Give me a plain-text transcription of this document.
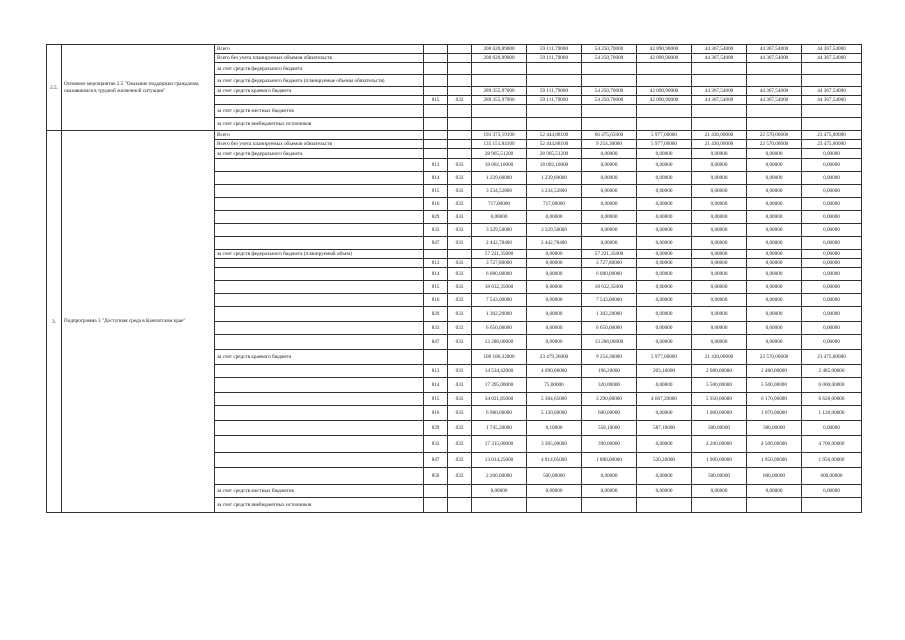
2.5.	Основное мероприятие 2.5 "Оказание поддержки гражданам, оказавшимся в трудной жизненной ситуации"	Всего			200 620,89000	59 111,79000	54 250,70000	42 890,90000	44 367,54000	44 367,54000	44 367,54000
		Всего без учета планируемых объемов обязательств			200 620,89000	59 111,79000	54 250,70000	42 890,90000	44 367,54000	44 367,54000	44 367,54000
		за счет средств федерального бюджета									
		за счет средств федерального бюджета (планируемые объемы обязательств)									
		за счет средств краевого бюджета			289 355,97000	59 111,79000	54 250,70000	42 890,90000	44 367,54000	44 367,54000	44 367,54000
			815	032	289 355,97000	59 111,79000	54 250,70000	42 890,90000	44 367,54000	44 367,54000	44 367,54000
		за счет средств местных бюджетов									
		за счет средств внебюджетных источников									
3.	Подпрограмма 3 "Доступная среда в Камчатском крае"	Всего			193 373,19100	52 444,88100	66 475,65000	5 977,60000	21 430,00000	22 570,00000	23 475,00000
		Всего без учета планируемых объемов обязательств			135 151,84100	52 444,88100	9 254,30000	5 977,60000	21 430,00000	22 570,00000	23 475,00000
		за счет средств федерального бюджета			28 965,51200	28 965,51200	0,00000	0,00000	0,00000	0,00000	0,00000
			813	033	18 002,10000	18 002,10000	0,00000	0,00000	0,00000	0,00000	0,00000
			814	033	1 239,60000	1 239,60000	0,00000	0,00000	0,00000	0,00000	0,00000
			815	033	3 234,52800	3 234,52800	0,00000	0,00000	0,00000	0,00000	0,00000
			816	033	717,00000	717,00000	0,00000	0,00000	0,00000	0,00000	0,00000
			829	033	0,00000	0,00000	0,00000	0,00000	0,00000	0,00000	0,00000
			833	033	3 329,50000	3 329,50000	0,00000	0,00000	0,00000	0,00000	0,00000
			847	033	2 442,78400	2 442,78400	0,00000	0,00000	0,00000	0,00000	0,00000
		за счет средств федерального бюджета (планируемый объем)			57 221,35000	0,00000	57 221,35000	0,00000	0,00000	0,00000	0,00000
			813	033	3 727,80000	0,00000	3 727,80000	0,00000	0,00000	0,00000	0,00000
			814	033	6 080,00000	0,00000	6 080,00000	0,00000	0,00000	0,00000	0,00000
			815	033	18 632,35000	0,00000	18 632,35000	0,00000	0,00000	0,00000	0,00000
			816	033	7 543,00000	0,00000	7 543,00000	0,00000	0,00000	0,00000	0,00000
			829	033	1 302,20000	0,00000	1 302,20000	0,00000	0,00000	0,00000	0,00000
			833	033	6 650,00000	0,00000	6 650,00000	0,00000	0,00000	0,00000	0,00000
			847	033	13 286,00000	0,00000	13 286,00000	0,00000	0,00000	0,00000	0,00000
		за счет средств краевого бюджета			106 186,32000	23 479,36000	9 254,30000	5 977,60000	21 430,00000	22 570,00000	23 475,00000
			813	033	14 534,42000	4 090,06000	196,20000	203,16000	2 080,00000	2 480,00000	2 485,00000
			814	033	17 395,00000	75,00000	320,00000	0,00000	5 500,00000	5 500,00000	6 000,00000
			815	033	34 021,85000	5 304,65000	5 290,00000	4 667,20000	5 950,00000	6 170,00000	6 620,00000
			816	033	6 980,60000	5 130,60000	600,00000	0,00000	1 060,00000	1 070,00000	1 120,00000
			829	033	1 745,20000	0,10000	558,10000	587,10000	300,00000	300,00000	0,00000
			833	033	17 315,00000	3 365,00000	390,00000	0,00000	4 200,00000	4 500,00000	4 700,00000
			847	033	13 014,25000	4 814,05000	1 880,00000	520,20000	1 900,00000	1 950,00000	1 950,00000
			850	033	2 200,00000	500,00000	0,00000	0,00000	500,00000	600,00000	600,00000
		за счет средств местных бюджетов			0,00000	0,00000	0,00000	0,00000	0,00000	0,00000	0,00000
		за счет средств внебюджетных источников									
